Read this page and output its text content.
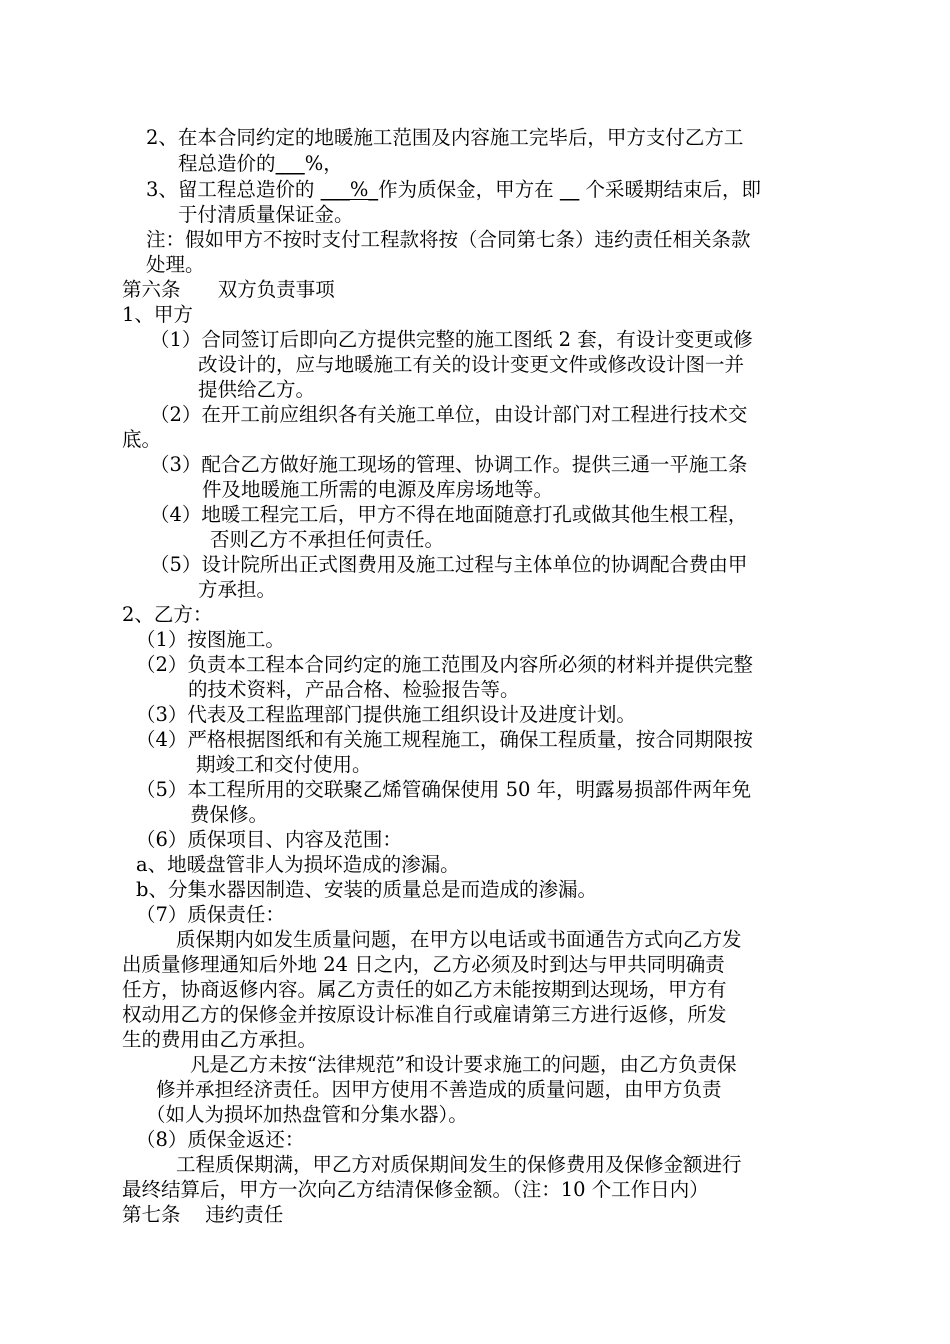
2、在本合同约定的地暖施工范围及内容施工完毕后，甲方支付乙方工
程总造价的___%，
3、留工程总造价的 ___%_作为质保金，甲方在 __ 个采暖期结束后，即
于付清质量保证金。
注：假如甲方不按时支付工程款将按（合同第七条）违约责任相关条款
处理。
第六条      双方负责事项
1、甲方
（1）合同签订后即向乙方提供完整的施工图纸 2 套，有设计变更或修
改设计的，应与地暖施工有关的设计变更文件或修改设计图一并
提供给乙方。
（2）在开工前应组织各有关施工单位，由设计部门对工程进行技术交
底。
（3）配合乙方做好施工现场的管理、协调工作。提供三通一平施工条
件及地暖施工所需的电源及库房场地等。
（4）地暖工程完工后，甲方不得在地面随意打孔或做其他生根工程，
否则乙方不承担任何责任。
（5）设计院所出正式图费用及施工过程与主体单位的协调配合费由甲
方承担。
2、乙方：
（1）按图施工。
（2）负责本工程本合同约定的施工范围及内容所必须的材料并提供完整
的技术资料，产品合格、检验报告等。
（3）代表及工程监理部门提供施工组织设计及进度计划。
（4）严格根据图纸和有关施工规程施工，确保工程质量，按合同期限按
期竣工和交付使用。
（5）本工程所用的交联聚乙烯管确保使用 50 年，明露易损部件两年免
费保修。
（6）质保项目、内容及范围：
a、地暖盘管非人为损坏造成的渗漏。
b、分集水器因制造、安装的质量总是而造成的渗漏。
（7）质保责任：
质保期内如发生质量问题，在甲方以电话或书面通告方式向乙方发
出质量修理通知后外地 24 日之内，乙方必须及时到达与甲共同明确责
任方，协商返修内容。属乙方责任的如乙方未能按期到达现场，甲方有
权动用乙方的保修金并按原设计标准自行或雇请第三方进行返修，所发
生的费用由乙方承担。
凡是乙方未按“法律规范”和设计要求施工的问题，由乙方负责保
修并承担经济责任。因甲方使用不善造成的质量问题，由甲方负责
（如人为损坏加热盘管和分集水器）。
（8）质保金返还：
工程质保期满，甲乙方对质保期间发生的保修费用及保修金额进行
最终结算后，甲方一次向乙方结清保修金额。（注：10 个工作日内）
第七条    违约责任
